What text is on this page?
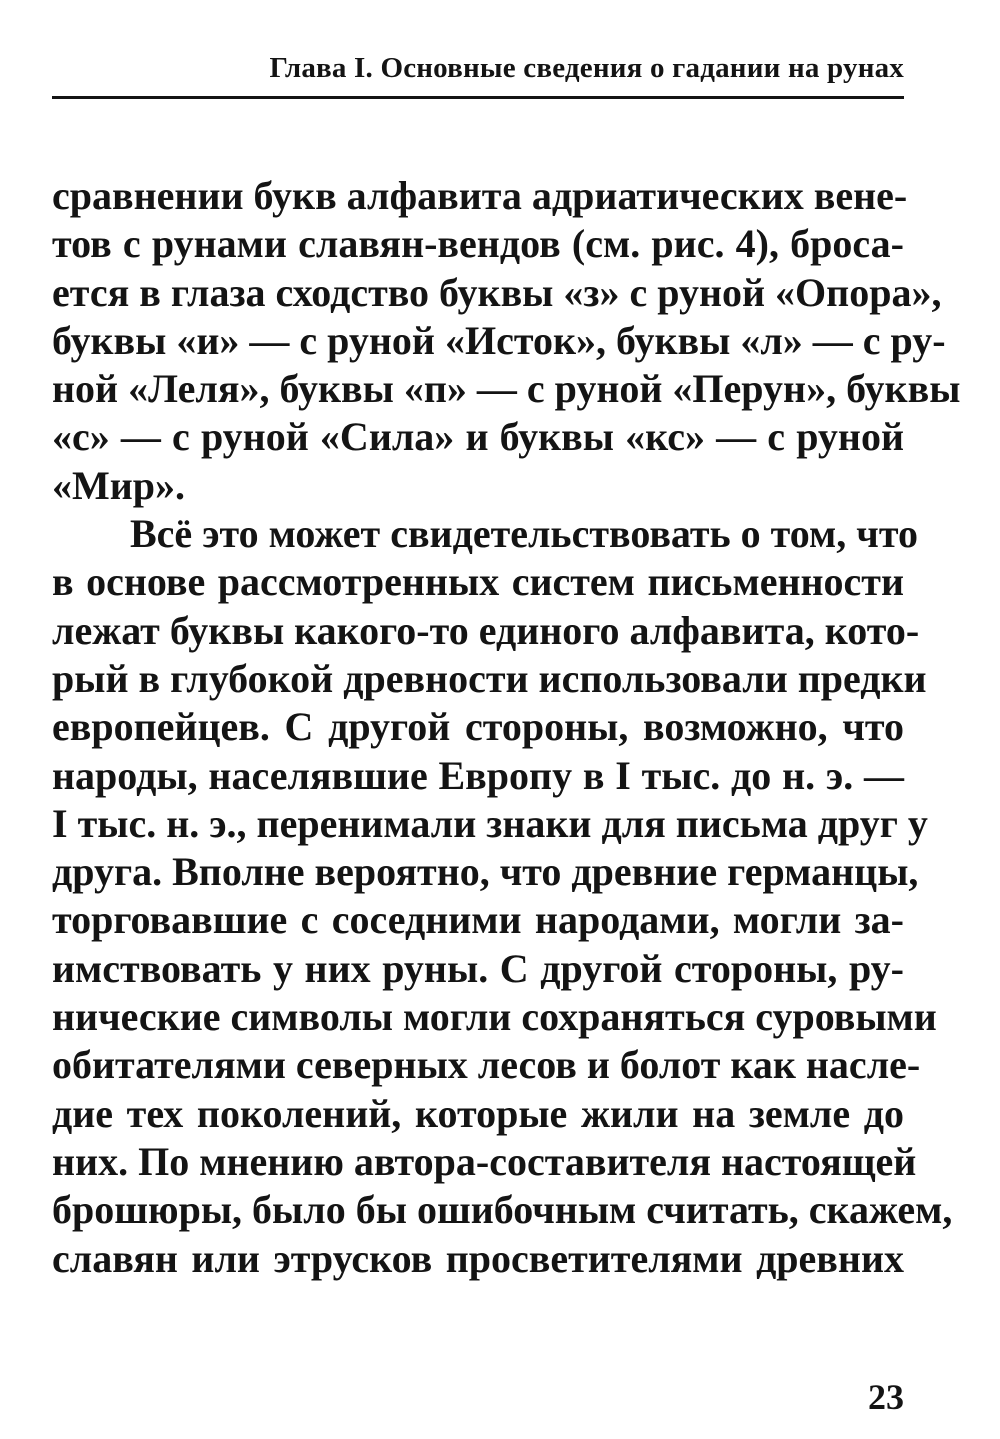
Глава I. Основные сведения о гадании на рунах
сравнении букв алфавита адриатических вене-
тов с рунами славян-вендов (см. рис. 4), броса-
ется в глаза сходство буквы «з» с руной «Опора»,
буквы «и» — с руной «Исток», буквы «л» — с ру-
ной «Леля», буквы «п» — с руной «Перун», буквы
«с» — с руной «Сила» и буквы «кс» — с руной
«Мир».
Всё это может свидетельствовать о том, что
в основе рассмотренных систем письменности
лежат буквы какого-то единого алфавита, кото-
рый в глубокой древности использовали предки
европейцев. С другой стороны, возможно, что
народы, населявшие Европу в I тыс. до н. э. —
I тыс. н. э., перенимали знаки для письма друг у
друга. Вполне вероятно, что древние германцы,
торговавшие с соседними народами, могли за-
имствовать у них руны. С другой стороны, ру-
нические символы могли сохраняться суровыми
обитателями северных лесов и болот как насле-
дие тех поколений, которые жили на земле до
них. По мнению автора-составителя настоящей
брошюры, было бы ошибочным считать, скажем,
славян или этрусков просветителями древних
23
